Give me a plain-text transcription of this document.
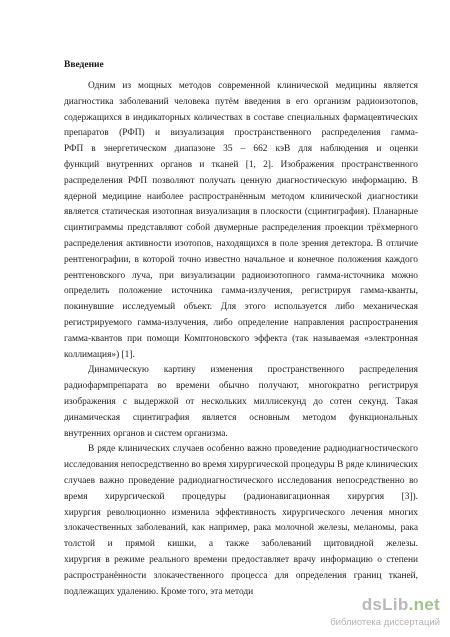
Введение
Одним из мощных методов современной клинической медицины является
диагностика заболеваний человека путём введения в его организм радиоизотопов,
содержащихся в индикаторных количествах в составе специальных фармацевтических
препаратов (РФП) и визуализация пространственного распределения гамма-
РФП в энергетическом диапазоне 35 – 662 кэВ для наблюдения и оценки
функций внутренних органов и тканей [1, 2]. Изображения пространственного
распределения РФП позволяют получать ценную диагностическую информацию. В
ядерной медицине наиболее распространённым методом клинической диагностики
является статическая изотопная визуализация в плоскости (сцинтиграфия). Планарные
сцинтиграммы представляют собой двумерные распределения проекции трёхмерного
распределения активности изотопов, находящихся в поле зрения детектора. В отличие
рентгенографии, в которой точно известно начальное и конечное положения каждого
рентгеновского луча, при визуализации радиоизотопного гамма-источника можно
определить положение источника гамма-излучения, регистрируя гамма-кванты,
покинувшие исследуемый объект. Для этого используется либо механическая
регистрируемого гамма-излучения, либо определение направления распространения
гамма-квантов при помощи Комптоновского эффекта (так называемая «электронная
коллимация») [1].
Динамическую картину изменения пространственного распределения
радиофармпрепарата во времени обычно получают, многократно регистрируя
изображения с выдержкой от нескольких миллисекунд до сотен секунд. Такая
динамическая сцинтиграфия является основным методом функциональных
внутренних органов и систем организма.
В ряде клинических случаев особенно важно проведение радиодиагностического
исследования непосредственно во время хирургической процедуры В ряде клинических
случаев важно проведение радиодиагностического исследования непосредственно во
время хирургической процедуры (радионавигационная хирургия [3]).
хирургия революционно изменила эффективность хирургического лечения многих
злокачественных заболеваний, как например, рака молочной железы, меланомы, рака
толстой и прямой кишки, а также заболеваний щитовидной железы.
хирургия в режиме реального времени предоставляет врачу информацию о степени
распространённости злокачественного процесса для определения границ тканей,
подлежащих удалению. Кроме того, эта методи
dsLib.net
библиотека диссертаций
